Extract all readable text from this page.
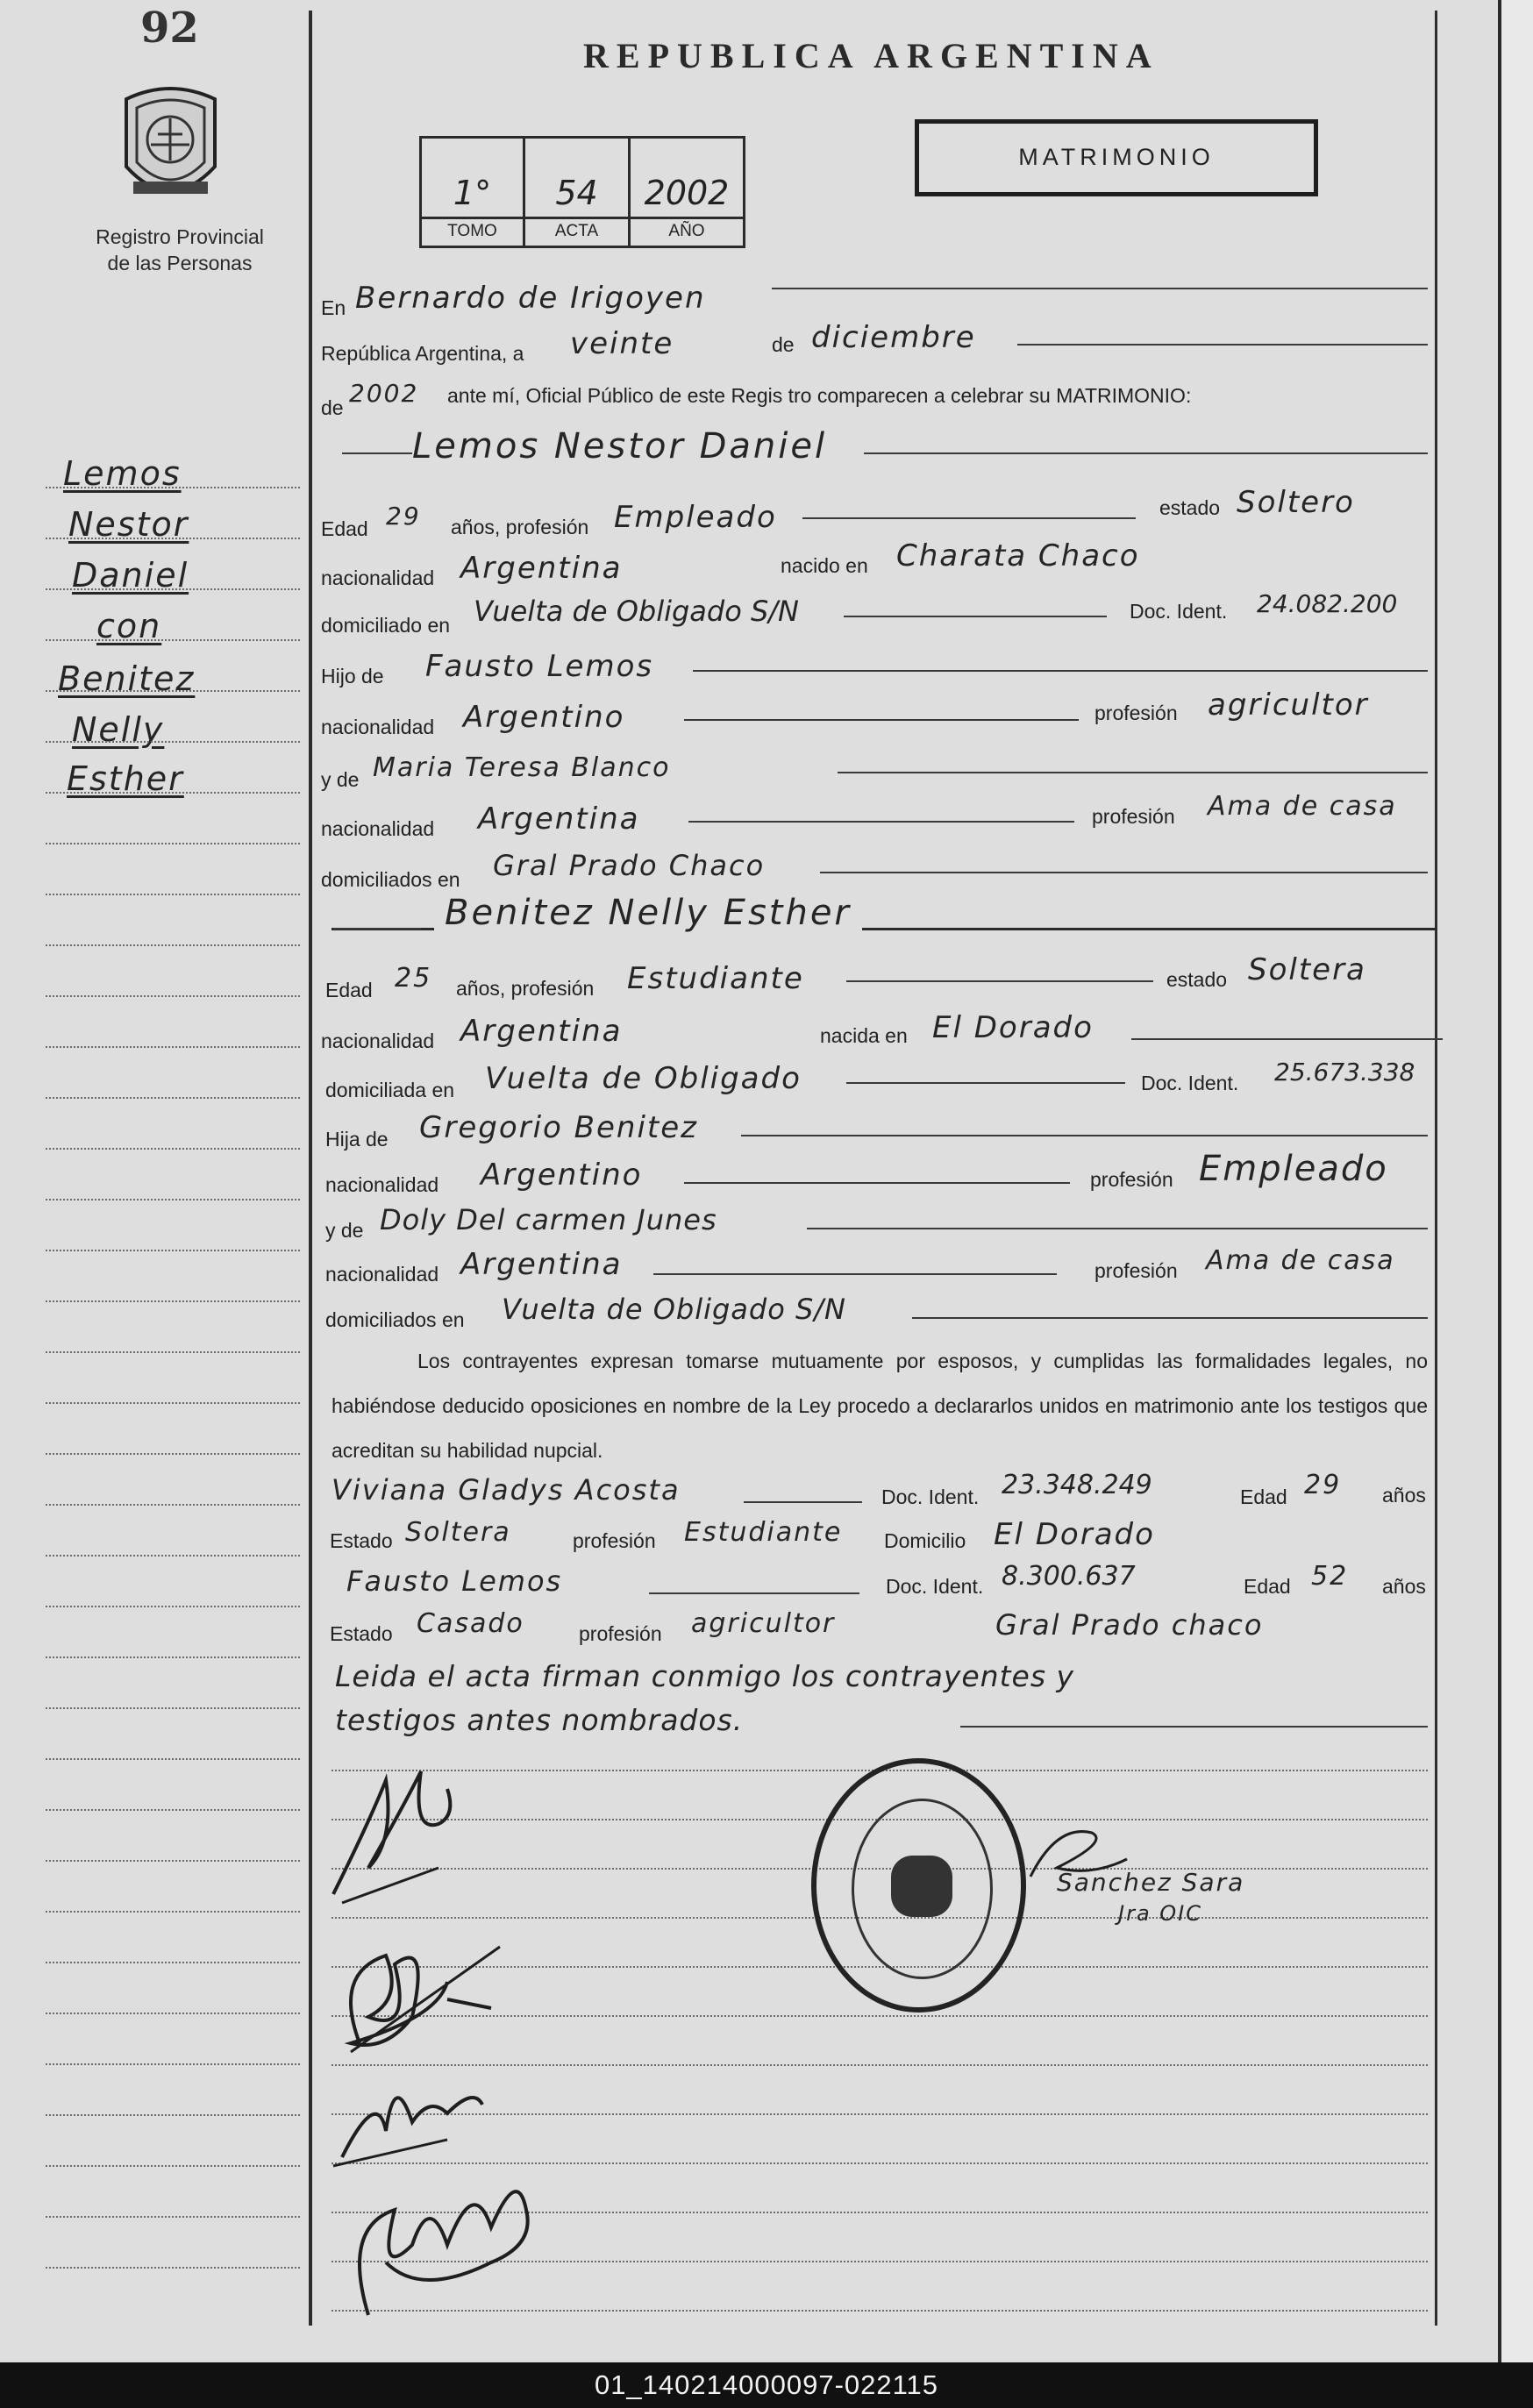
92
Registro Provincial
de las Personas
REPUBLICA ARGENTINA
MATRIMONIO
1°
TOMO
54
ACTA
2002
AÑO
Lemos
Nestor
Daniel
con
Benitez
Nelly
Esther
En Bernardo de Irigoyen
República Argentina, a veinte	de diciembre
de 2002 ante mí, Oficial Público de este Regis tro comparecen a celebrar su MATRIMONIO:
Lemos Nestor Daniel
Edad 29 años, profesión Empleado	estado Soltero
nacionalidad Argentina	nacido en Charata Chaco
domiciliado en Vuelta de Obligado S/N	Doc. Ident. 24.082.200
Hijo de Fausto Lemos
nacionalidad Argentino	profesión agricultor
y de Maria Teresa Blanco
nacionalidad Argentina	profesión Ama de casa
domiciliados en Gral Prado Chaco
Benitez Nelly Esther
Edad 25 años, profesión Estudiante	estado Soltera
nacionalidad Argentina	nacida en El Dorado
domiciliada en Vuelta de Obligado	Doc. Ident. 25.673.338
Hija de Gregorio Benitez
nacionalidad Argentino	profesión Empleado
y de Doly Del carmen Junes
nacionalidad Argentina	profesión Ama de casa
domiciliados en Vuelta de Obligado S/N
Los contrayentes expresan tomarse mutuamente por esposos, y cumplidas las formalidades legales, no habiéndose deducido oposiciones en nombre de la Ley procedo a declararlos unidos en matrimonio ante los testigos que acreditan su habilidad nupcial.
Viviana Gladys Acosta	Doc. Ident. 23.348.249	Edad 29 años
Estado Soltera	profesión Estudiante Domicilio El Dorado
Fausto Lemos	Doc. Ident. 8.300.637	Edad 52 años
Estado Casado	profesión agricultor	Gral Prado chaco
Leida el acta firman conmigo los contrayentes y
testigos antes nombrados.
Sanchez Sara
Jra OIC
01_140214000097-022115
